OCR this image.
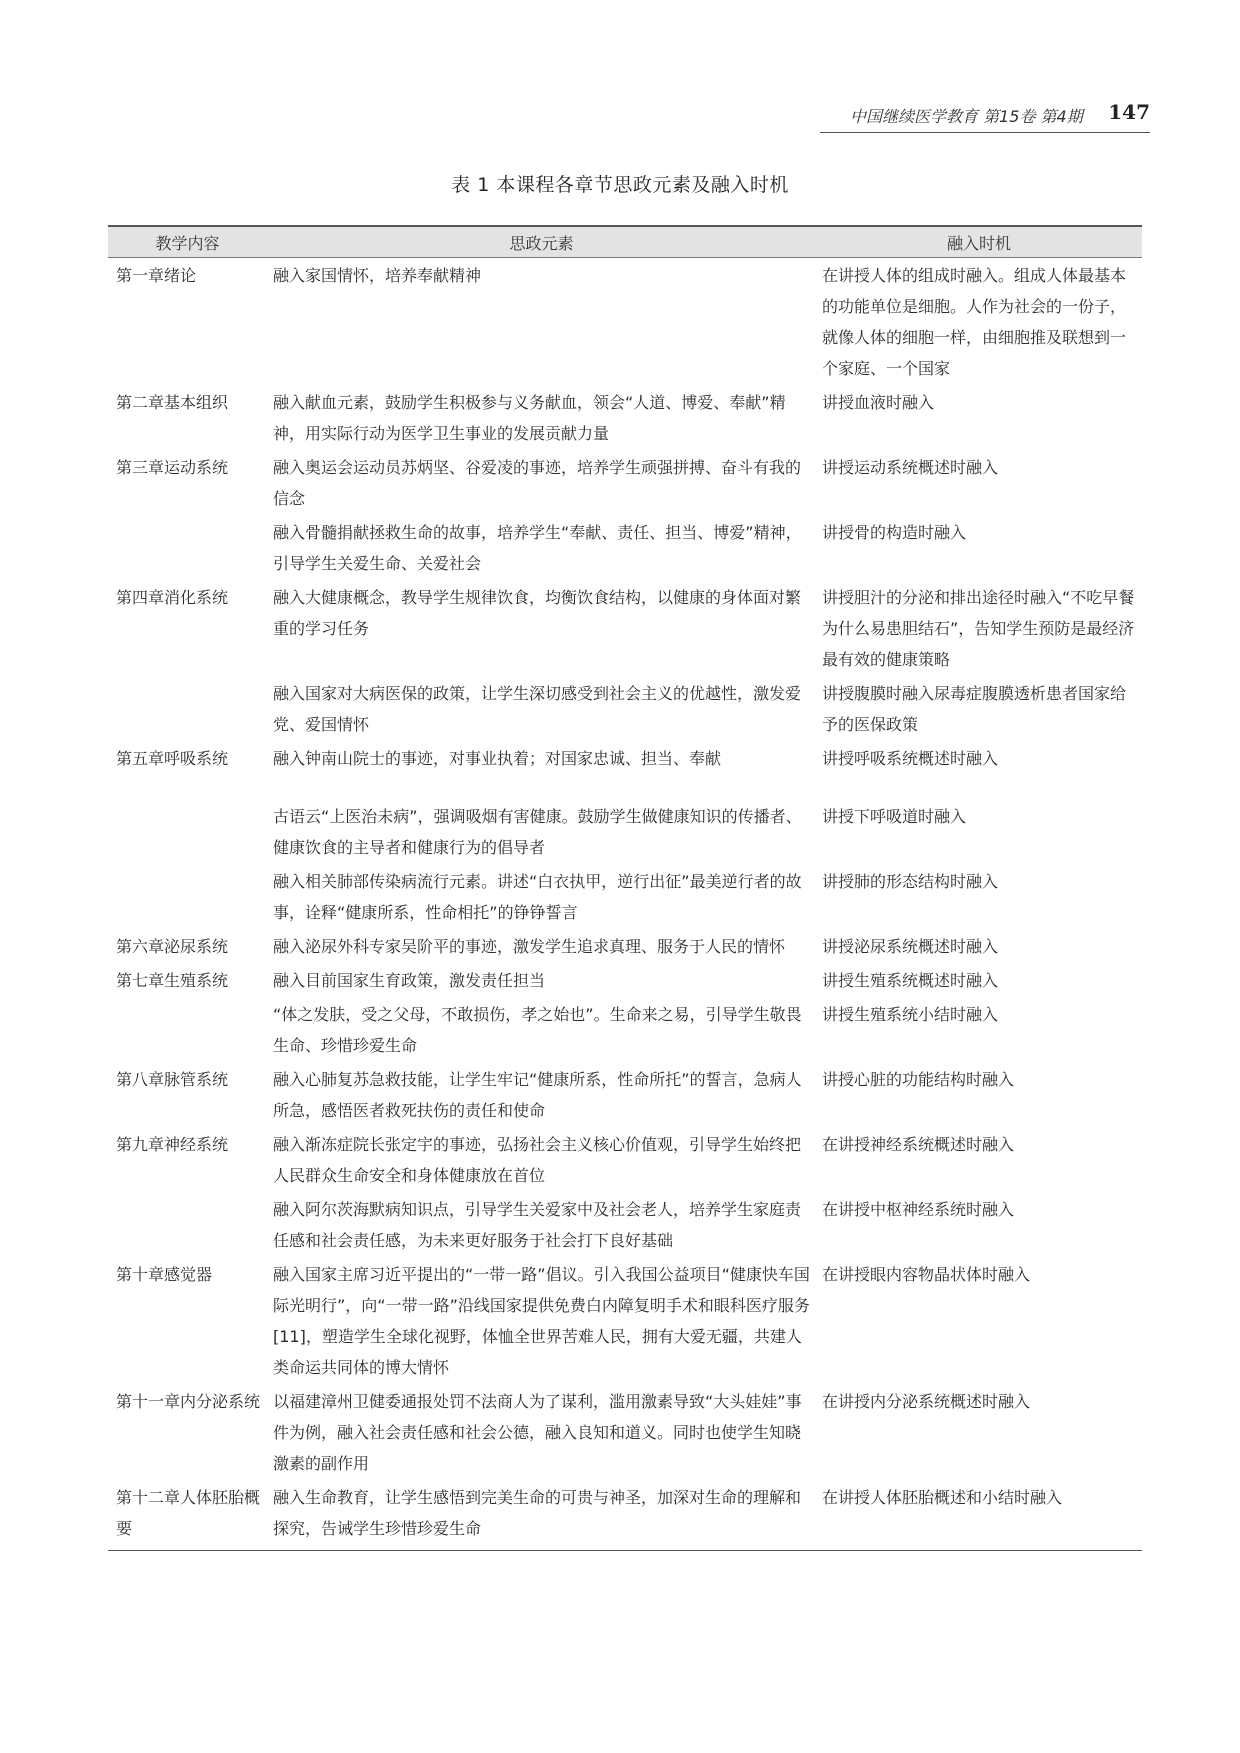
中国继续医学教育 第15卷 第4期 147
表 1 本课程各章节思政元素及融入时机
教学内容	思政元素	融入时机
第一章绪论	融入家国情怀，培养奉献精神	在讲授人体的组成时融入。组成人体最基本的功能单位是细胞。人作为社会的一份子，就像人体的细胞一样，由细胞推及联想到一个家庭、一个国家
第二章基本组织	融入献血元素，鼓励学生积极参与义务献血，领会“人道、博爱、奉献”精神，用实际行动为医学卫生事业的发展贡献力量	讲授血液时融入
第三章运动系统	融入奥运会运动员苏炳坚、谷爱凌的事迹，培养学生顽强拼搏、奋斗有我的信念	讲授运动系统概述时融入
	融入骨髓捐献拯救生命的故事，培养学生“奉献、责任、担当、博爱”精神，引导学生关爱生命、关爱社会	讲授骨的构造时融入
第四章消化系统	融入大健康概念，教导学生规律饮食，均衡饮食结构，以健康的身体面对繁重的学习任务	讲授胆汁的分泌和排出途径时融入“不吃早餐为什么易患胆结石”，告知学生预防是最经济最有效的健康策略
	融入国家对大病医保的政策，让学生深切感受到社会主义的优越性，激发爱党、爱国情怀	讲授腹膜时融入尿毒症腹膜透析患者国家给予的医保政策
第五章呼吸系统	融入钟南山院士的事迹，对事业执着；对国家忠诚、担当、奉献	讲授呼吸系统概述时融入
	古语云“上医治未病”，强调吸烟有害健康。鼓励学生做健康知识的传播者、健康饮食的主导者和健康行为的倡导者	讲授下呼吸道时融入
	融入相关肺部传染病流行元素。讲述“白衣执甲，逆行出征”最美逆行者的故事，诠释“健康所系，性命相托”的铮铮誓言	讲授肺的形态结构时融入
第六章泌尿系统	融入泌尿外科专家吴阶平的事迹，激发学生追求真理、服务于人民的情怀	讲授泌尿系统概述时融入
第七章生殖系统	融入目前国家生育政策，激发责任担当	讲授生殖系统概述时融入
	“体之发肤，受之父母，不敢损伤，孝之始也”。生命来之易，引导学生敬畏生命、珍惜珍爱生命	讲授生殖系统小结时融入
第八章脉管系统	融入心肺复苏急救技能，让学生牢记“健康所系，性命所托”的誓言，急病人所急，感悟医者救死扶伤的责任和使命	讲授心脏的功能结构时融入
第九章神经系统	融入渐冻症院长张定宇的事迹，弘扬社会主义核心价值观，引导学生始终把人民群众生命安全和身体健康放在首位	在讲授神经系统概述时融入
	融入阿尔茨海默病知识点，引导学生关爱家中及社会老人，培养学生家庭责任感和社会责任感，为未来更好服务于社会打下良好基础	在讲授中枢神经系统时融入
第十章感觉器	融入国家主席习近平提出的“一带一路”倡议。引入我国公益项目“健康快车国际光明行”，向“一带一路”沿线国家提供免费白内障复明手术和眼科医疗服务 [11]，塑造学生全球化视野，体恤全世界苦难人民，拥有大爱无疆，共建人类命运共同体的博大情怀	在讲授眼内容物晶状体时融入
第十一章内分泌系统	以福建漳州卫健委通报处罚不法商人为了谋利，滥用激素导致“大头娃娃”事件为例，融入社会责任感和社会公德，融入良知和道义。同时也使学生知晓激素的副作用	在讲授内分泌系统概述时融入
第十二章人体胚胎概要	融入生命教育，让学生感悟到完美生命的可贵与神圣，加深对生命的理解和探究，告诫学生珍惜珍爱生命	在讲授人体胚胎概述和小结时融入
